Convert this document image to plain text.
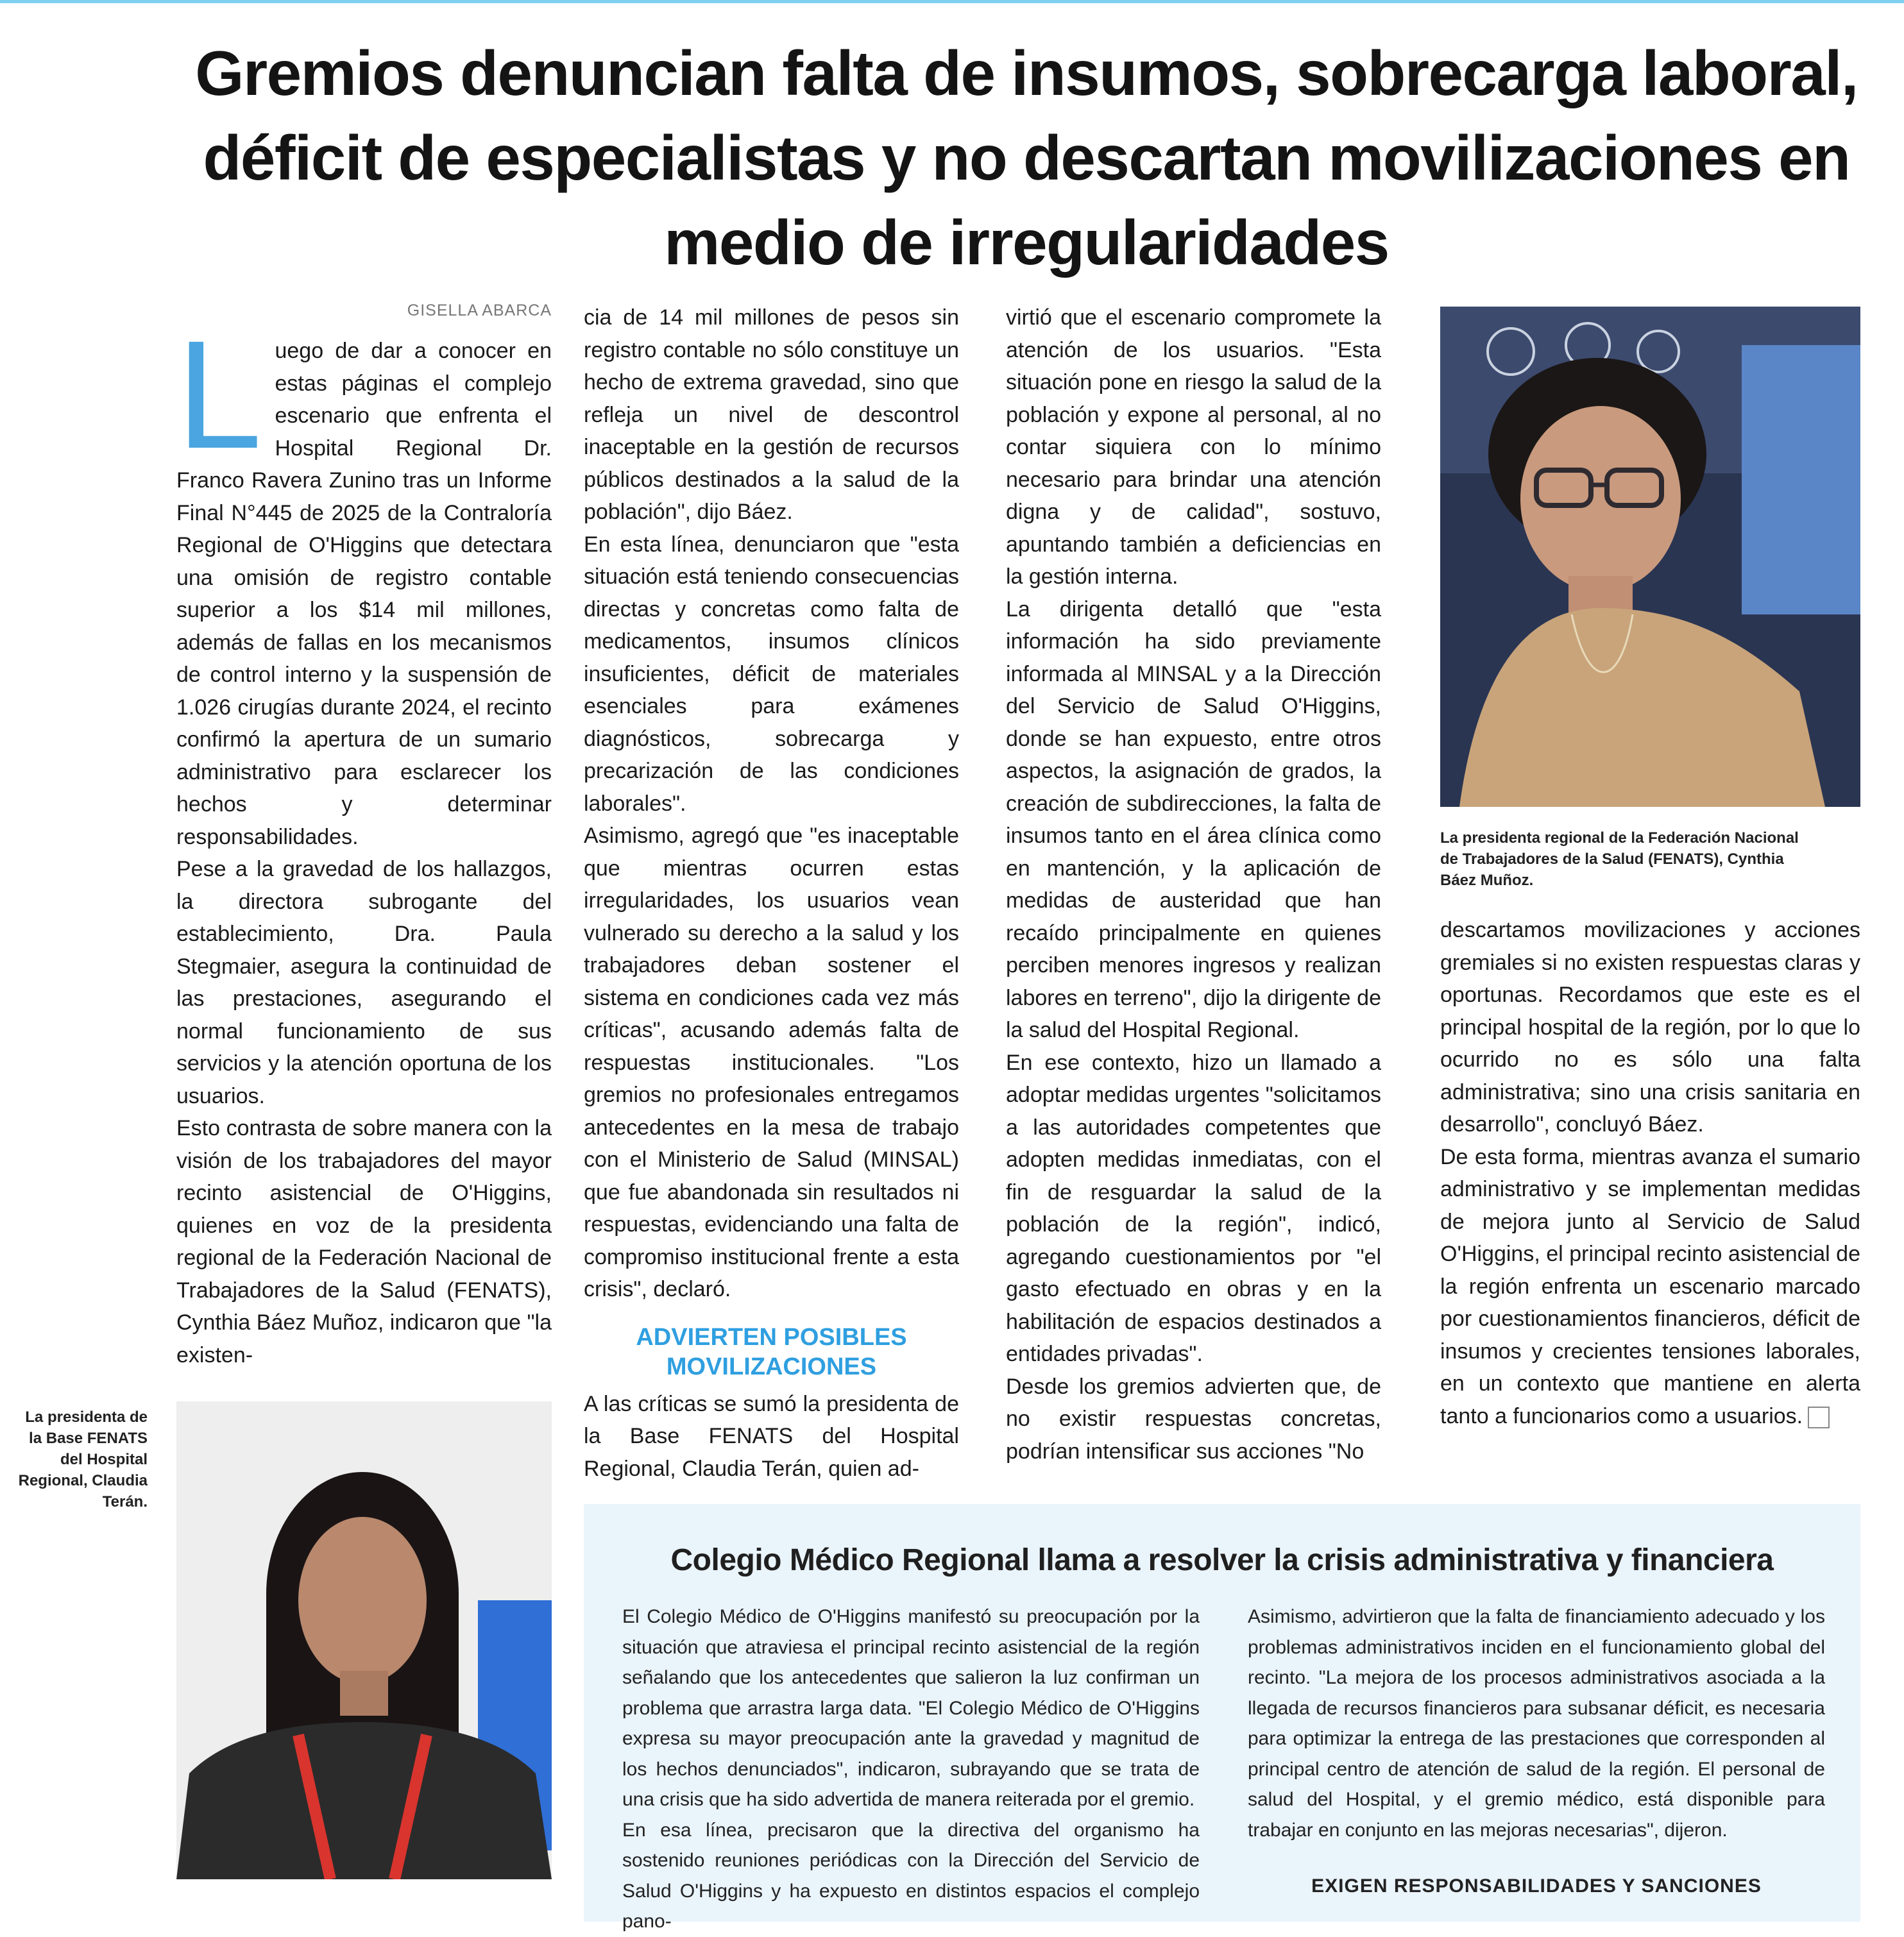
Gremios denuncian falta de insumos, sobrecarga laboral, déficit de especialistas y no descartan movilizaciones en medio de irregularidades
GISELLA ABARCA

Luego de dar a conocer en estas páginas el complejo escenario que enfrenta el Hospital Regional Dr. Franco Ravera Zunino tras un Informe Final N°445 de 2025 de la Contraloría Regional de O'Higgins que detectara una omisión de registro contable superior a los $14 mil millones, además de fallas en los mecanismos de control interno y la suspensión de 1.026 cirugías durante 2024, el recinto confirmó la apertura de un sumario administrativo para esclarecer los hechos y determinar responsabilidades.

Pese a la gravedad de los hallazgos, la directora subrogante del establecimiento, Dra. Paula Stegmaier, asegura la continuidad de las prestaciones, asegurando el normal funcionamiento de sus servicios y la atención oportuna de los usuarios.

Esto contrasta de sobre manera con la visión de los trabajadores del mayor recinto asistencial de O'Higgins, quienes en voz de la presidenta regional de la Federación Nacional de Trabajadores de la Salud (FENATS), Cynthia Báez Muñoz, indicaron que "la existen-

cia de 14 mil millones de pesos sin registro contable no sólo constituye un hecho de extrema gravedad, sino que refleja un nivel de descontrol inaceptable en la gestión de recursos públicos destinados a la salud de la población", dijo Báez.

En esta línea, denunciaron que "esta situación está teniendo consecuencias directas y concretas como falta de medicamentos, insumos clínicos insuficientes, déficit de materiales esenciales para exámenes diagnósticos, sobrecarga y precarización de las condiciones laborales".

Asimismo, agregó que "es inaceptable que mientras ocurren estas irregularidades, los usuarios vean vulnerado su derecho a la salud y los trabajadores deban sostener el sistema en condiciones cada vez más críticas", acusando además falta de respuestas institucionales. "Los gremios no profesionales entregamos antecedentes en la mesa de trabajo con el Ministerio de Salud (MINSAL) que fue abandonada sin resultados ni respuestas, evidenciando una falta de compromiso institucional frente a esta crisis", declaró.

ADVIERTEN POSIBLES MOVILIZACIONES

A las críticas se sumó la presidenta de la Base FENATS del Hospital Regional, Claudia Terán, quien ad-

virtió que el escenario compromete la atención de los usuarios. "Esta situación pone en riesgo la salud de la población y expone al personal, al no contar siquiera con lo mínimo necesario para brindar una atención digna y de calidad", sostuvo, apuntando también a deficiencias en la gestión interna.

La dirigenta detalló que "esta información ha sido previamente informada al MINSAL y a la Dirección del Servicio de Salud O'Higgins, donde se han expuesto, entre otros aspectos, la asignación de grados, la creación de subdirecciones, la falta de insumos tanto en el área clínica como en mantención, y la aplicación de medidas de austeridad que han recaído principalmente en quienes perciben menores ingresos y realizan labores en terreno", dijo la dirigente de la salud del Hospital Regional.

En ese contexto, hizo un llamado a adoptar medidas urgentes "solicitamos a las autoridades competentes que adopten medidas inmediatas, con el fin de resguardar la salud de la población de la región", indicó, agregando cuestionamientos por "el gasto efectuado en obras y en la habilitación de espacios destinados a entidades privadas".

Desde los gremios advierten que, de no existir respuestas concretas, podrían intensificar sus acciones "No

La presidenta regional de la Federación Nacional de Trabajadores de la Salud (FENATS), Cynthia Báez Muñoz.

descartamos movilizaciones y acciones gremiales si no existen respuestas claras y oportunas. Recordamos que este es el principal hospital de la región, por lo que lo ocurrido no es sólo una falta administrativa; sino una crisis sanitaria en desarrollo", concluyó Báez.

De esta forma, mientras avanza el sumario administrativo y se implementan medidas de mejora junto al Servicio de Salud O'Higgins, el principal recinto asistencial de la región enfrenta un escenario marcado por cuestionamientos financieros, déficit de insumos y crecientes tensiones laborales, en un contexto que mantiene en alerta tanto a funcionarios como a usuarios.

La presidenta de la Base FENATS del Hospital Regional, Claudia Terán.
Colegio Médico Regional llama a resolver la crisis administrativa y financiera

El Colegio Médico de O'Higgins manifestó su preocupación por la situación que atraviesa el principal recinto asistencial de la región señalando que los antecedentes que salieron la luz confirman un problema que arrastra larga data. "El Colegio Médico de O'Higgins expresa su mayor preocupación ante la gravedad y magnitud de los hechos denunciados", indicaron, subrayando que se trata de una crisis que ha sido advertida de manera reiterada por el gremio.

En esa línea, precisaron que la directiva del organismo ha sostenido reuniones periódicas con la Dirección del Servicio de Salud O'Higgins y ha expuesto en distintos espacios el complejo pano-

Asimismo, advirtieron que la falta de financiamiento adecuado y los problemas administrativos inciden en el funcionamiento global del recinto. "La mejora de los procesos administrativos asociada a la llegada de recursos financieros para subsanar déficit, es necesaria para optimizar la entrega de las prestaciones que corresponden al principal centro de atención de salud de la región. El personal de salud del Hospital, y el gremio médico, está disponible para trabajar en conjunto en las mejoras necesarias", dijeron.

EXIGEN RESPONSABILIDADES Y SANCIONES
